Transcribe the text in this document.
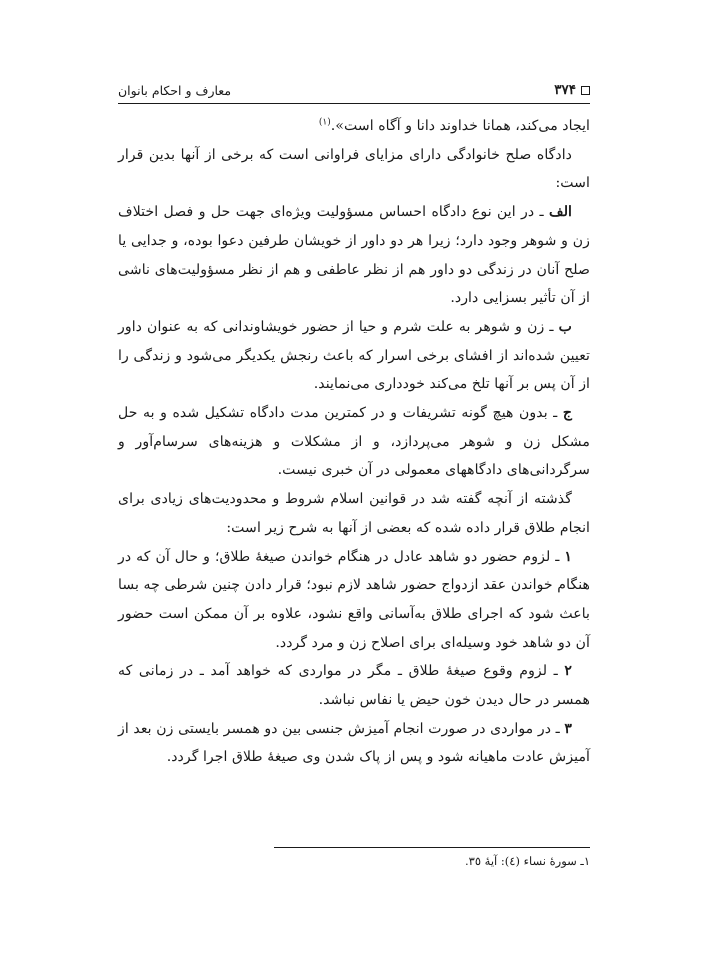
۳۷۴
معارف و احکام بانوان

ایجاد می‌کند، همانا خداوند دانا و آگاه است».$^{(۱)}$

دادگاه صلح خانوادگی دارای مزایای فراوانی است که برخی از آنها بدین قرار است:

الف ـ در این نوع دادگاه احساس مسؤولیت ویژه‌ای جهت حل و فصل اختلاف زن و شوهر وجود دارد؛ زیرا هر دو داور از خویشان طرفین دعوا بوده، و جدایی یا صلح آنان در زندگی دو داور هم از نظر عاطفی و هم از نظر مسؤولیت‌های ناشی از آن تأثیر بسزایی دارد.

ب ـ زن و شوهر به علت شرم و حیا از حضور خویشاوندانی که به عنوان داور تعیین شده‌اند از افشای برخی اسرار که باعث رنجش یکدیگر می‌شود و زندگی را از آن پس بر آنها تلخ می‌کند خودداری می‌نمایند.

ج ـ بدون هیچ گونه تشریفات و در کمترین مدت دادگاه تشکیل شده و به حل مشکل زن و شوهر می‌پردازد، و از مشکلات و هزینه‌های سرسام‌آور و سرگردانی‌های دادگاههای معمولی در آن خبری نیست.

گذشته از آنچه گفته شد در قوانین اسلام شروط و محدودیت‌های زیادی برای انجام طلاق قرار داده شده که بعضی از آنها به شرح زیر است:

۱ ـ لزوم حضور دو شاهد عادل در هنگام خواندن صیغهٔ طلاق؛ و حال آن که در هنگام خواندن عقد ازدواج حضور شاهد لازم نبود؛ قرار دادن چنین شرطی چه بسا باعث شود که اجرای طلاق به‌آسانی واقع نشود، علاوه بر آن ممکن است حضور آن دو شاهد خود وسیله‌ای برای اصلاح زن و مرد گردد.

۲ ـ لزوم وقوع صیغهٔ طلاق ـ مگر در مواردی که خواهد آمد ـ در زمانی که همسر در حال دیدن خون حیض یا نفاس نباشد.

۳ ـ در مواردی در صورت انجام آمیزش جنسی بین دو همسر بایستی زن بعد از آمیزش عادت ماهیانه شود و پس از پاک شدن وی صیغهٔ طلاق اجرا گردد.

۱ـ سورهٔ نساء (٤): آیهٔ ٣٥.
